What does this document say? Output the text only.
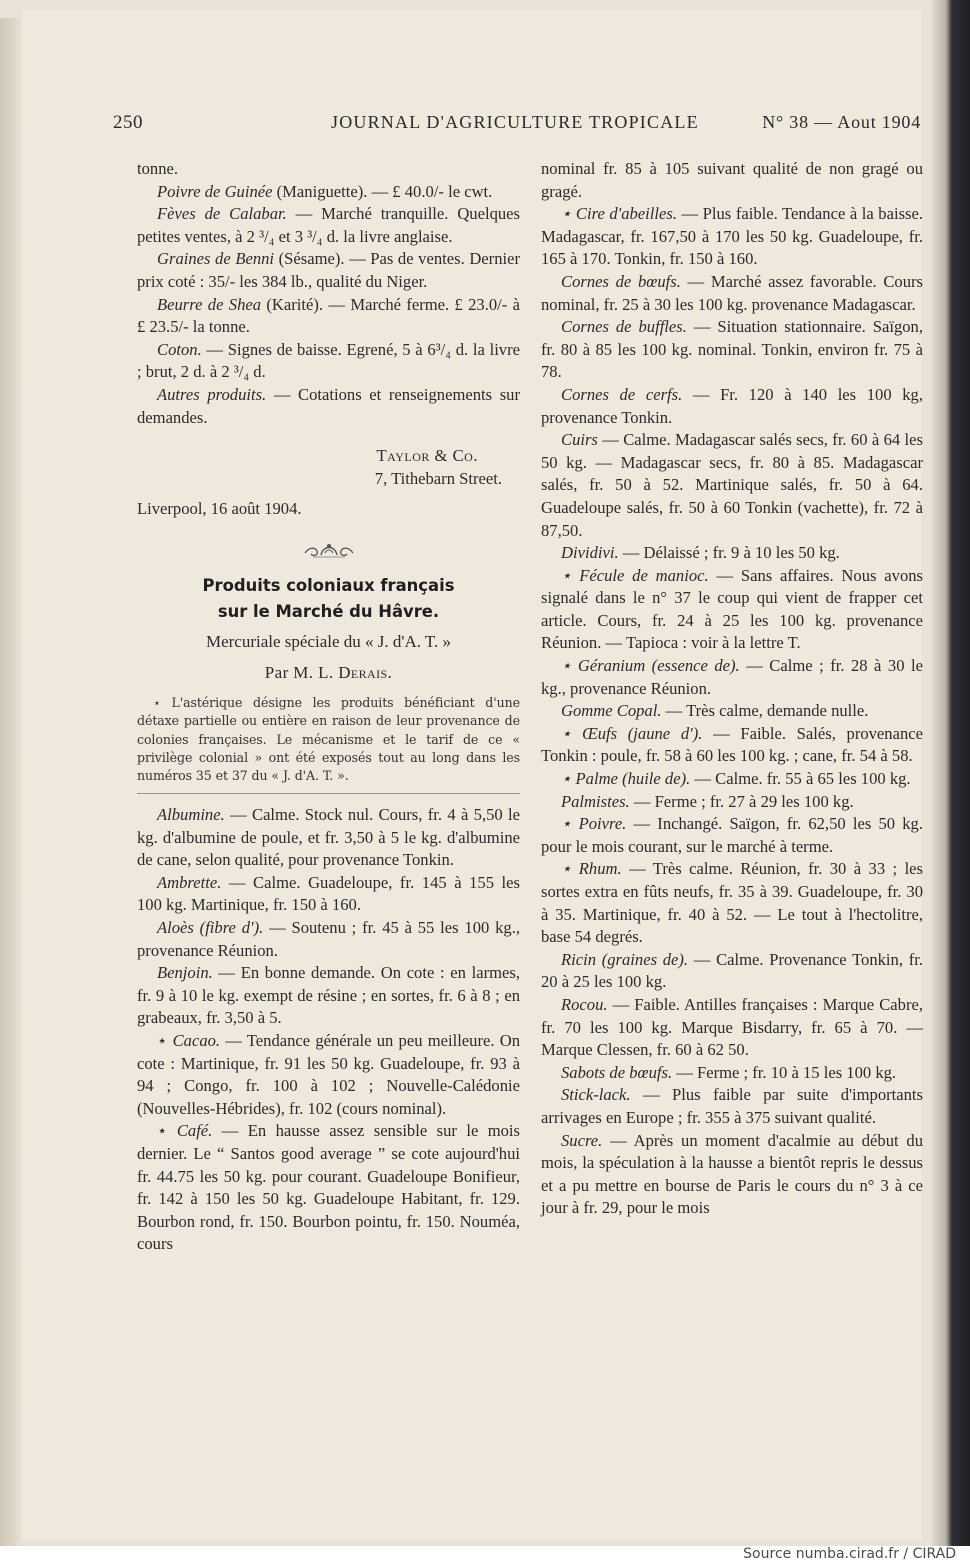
250	JOURNAL D'AGRICULTURE TROPICALE	N° 38 — Aout 1904

tonne.

Poivre de Guinée (Maniguette). — £ 40.0/- le cwt.

Fèves de Calabar. — Marché tranquille. Quelques petites ventes, à 2 ³/₄ et 3 ³/₄ d. la livre anglaise.

Graines de Benni (Sésame). — Pas de ventes. Dernier prix coté : 35/- les 384 lb., qualité du Niger.

Beurre de Shea (Karité). — Marché ferme. £ 23.0/- à £ 23.5/- la tonne.

Coton. — Signes de baisse. Egrené, 5 à 6³/₄ d. la livre ; brut, 2 d. à 2 ³/₄ d.

Autres produits. — Cotations et renseignements sur demandes.

Taylor & Co.

7, Tithebarn Street.

Liverpool, 16 août 1904.

Produits coloniaux français
sur le Marché du Hâvre.

Mercuriale spéciale du « J. d'A. T. »

Par M. L. Derais.

⋆ L'astérique désigne les produits bénéficiant d'une détaxe partielle ou entière en raison de leur provenance de colonies françaises. Le mécanisme et le tarif de ce « privilège colonial » ont été exposés tout au long dans les numéros 35 et 37 du « J. d'A. T. ».

Albumine. — Calme. Stock nul. Cours, fr. 4 à 5,50 le kg. d'albumine de poule, et fr. 3,50 à 5 le kg. d'albumine de cane, selon qualité, pour provenance Tonkin.

Ambrette. — Calme. Guadeloupe, fr. 145 à 155 les 100 kg. Martinique, fr. 150 à 160.

Aloès (fibre d'). — Soutenu ; fr. 45 à 55 les 100 kg., provenance Réunion.

Benjoin. — En bonne demande. On cote : en larmes, fr. 9 à 10 le kg. exempt de résine ; en sortes, fr. 6 à 8 ; en grabeaux, fr. 3,50 à 5.

⋆ Cacao. — Tendance générale un peu meilleure. On cote : Martinique, fr. 91 les 50 kg. Guadeloupe, fr. 93 à 94 ; Congo, fr. 100 à 102 ; Nouvelle-Calédonie (Nouvelles-Hébrides), fr. 102 (cours nominal).

⋆ Café. — En hausse assez sensible sur le mois dernier. Le “ Santos good average ” se cote aujourd'hui fr. 44.75 les 50 kg. pour courant. Guadeloupe Bonifieur, fr. 142 à 150 les 50 kg. Guadeloupe Habitant, fr. 129. Bourbon rond, fr. 150. Bourbon pointu, fr. 150. Nouméa, cours

nominal fr. 85 à 105 suivant qualité de non gragé ou gragé.

⋆ Cire d'abeilles. — Plus faible. Tendance à la baisse. Madagascar, fr. 167,50 à 170 les 50 kg. Guadeloupe, fr. 165 à 170. Tonkin, fr. 150 à 160.

Cornes de bœufs. — Marché assez favorable. Cours nominal, fr. 25 à 30 les 100 kg. provenance Madagascar.

Cornes de buffles. — Situation stationnaire. Saïgon, fr. 80 à 85 les 100 kg. nominal. Tonkin, environ fr. 75 à 78.

Cornes de cerfs. — Fr. 120 à 140 les 100 kg, provenance Tonkin.

Cuirs — Calme. Madagascar salés secs, fr. 60 à 64 les 50 kg. — Madagascar secs, fr. 80 à 85. Madagascar salés, fr. 50 à 52. Martinique salés, fr. 50 à 64. Guadeloupe salés, fr. 50 à 60 Tonkin (vachette), fr. 72 à 87,50.

Dividivi. — Délaissé ; fr. 9 à 10 les 50 kg.

⋆ Fécule de manioc. — Sans affaires. Nous avons signalé dans le n° 37 le coup qui vient de frapper cet article. Cours, fr. 24 à 25 les 100 kg. provenance Réunion. — Tapioca : voir à la lettre T.

⋆ Géranium (essence de). — Calme ; fr. 28 à 30 le kg., provenance Réunion.

Gomme Copal. — Très calme, demande nulle.

⋆ Œufs (jaune d'). — Faible. Salés, provenance Tonkin : poule, fr. 58 à 60 les 100 kg. ; cane, fr. 54 à 58.

⋆ Palme (huile de). — Calme. fr. 55 à 65 les 100 kg.

Palmistes. — Ferme ; fr. 27 à 29 les 100 kg.

⋆ Poivre. — Inchangé. Saïgon, fr. 62,50 les 50 kg. pour le mois courant, sur le marché à terme.

⋆ Rhum. — Très calme. Réunion, fr. 30 à 33 ; les sortes extra en fûts neufs, fr. 35 à 39. Guadeloupe, fr. 30 à 35. Martinique, fr. 40 à 52. — Le tout à l'hectolitre, base 54 degrés.

Ricin (graines de). — Calme. Provenance Tonkin, fr. 20 à 25 les 100 kg.

Rocou. — Faible. Antilles françaises : Marque Cabre, fr. 70 les 100 kg. Marque Bisdarry, fr. 65 à 70. — Marque Clessen, fr. 60 à 62 50.

Sabots de bœufs. — Ferme ; fr. 10 à 15 les 100 kg.

Stick-lack. — Plus faible par suite d'importants arrivages en Europe ; fr. 355 à 375 suivant qualité.

Sucre. — Après un moment d'acalmie au début du mois, la spéculation à la hausse a bientôt repris le dessus et a pu mettre en bourse de Paris le cours du n° 3 à ce jour à fr. 29, pour le mois

Source numba.cirad.fr / CIRAD
